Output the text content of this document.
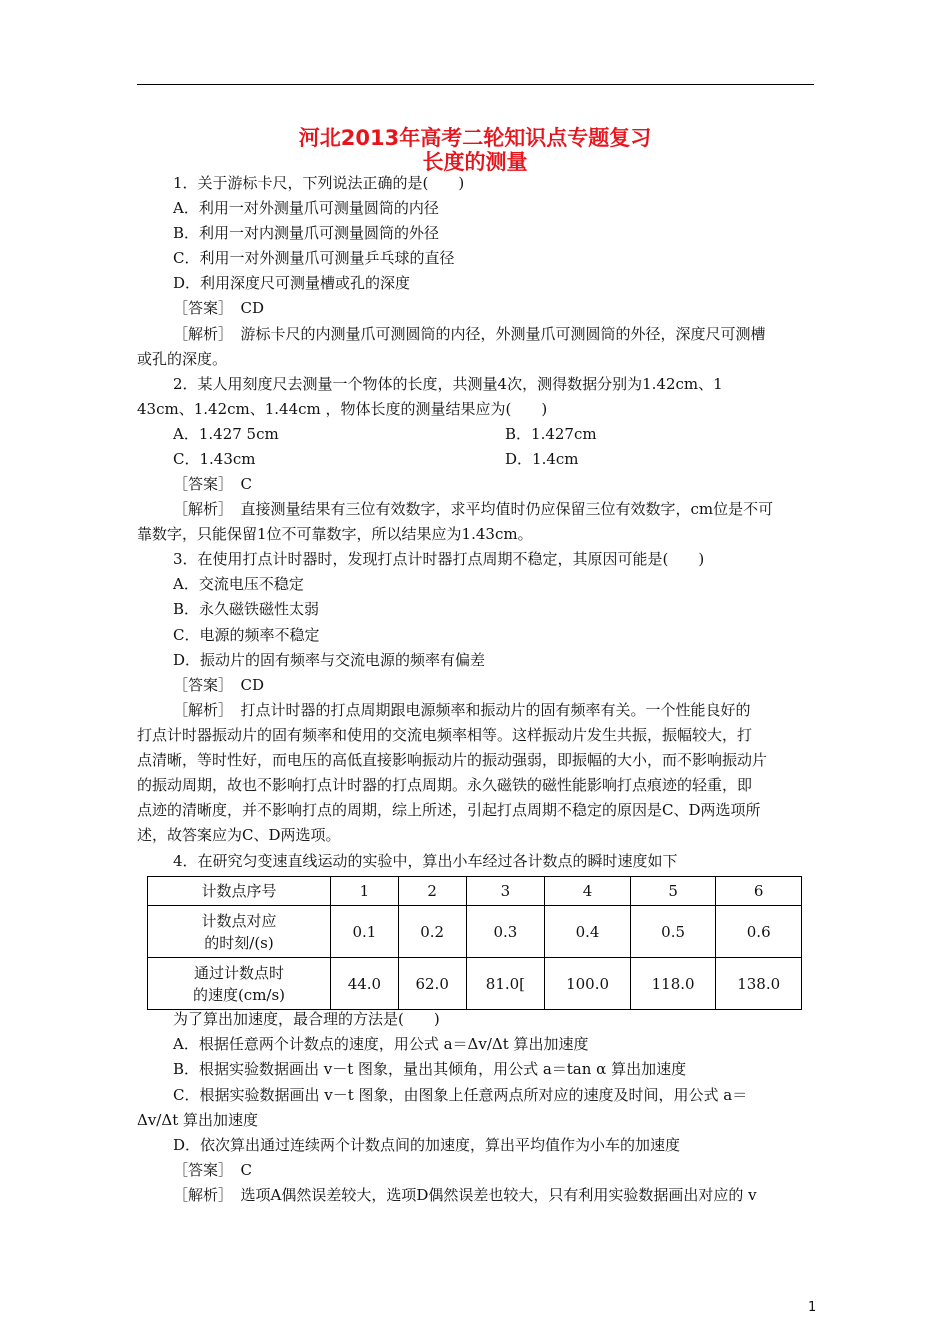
河北2013年高考二轮知识点专题复习
长度的测量
1．关于游标卡尺，下列说法正确的是(　　)
A．利用一对外测量爪可测量圆筒的内径
B．利用一对内测量爪可测量圆筒的外径
C．利用一对外测量爪可测量乒乓球的直径
D．利用深度尺可测量槽或孔的深度
［答案］　CD
［解析］　游标卡尺的内测量爪可测圆筒的内径，外测量爪可测圆筒的外径，深度尺可测槽
或孔的深度。
2．某人用刻度尺去测量一个物体的长度，共测量4次，测得数据分别为1.42cm、1
43cm、1.42cm、1.44cm ，物体长度的测量结果应为(　　)
A．1.427 5cm	B．1.427cm
C．1.43cm	D．1.4cm
［答案］　C
［解析］　直接测量结果有三位有效数字，求平均值时仍应保留三位有效数字，cm位是不可
靠数字，只能保留1位不可靠数字，所以结果应为1.43cm。
3．在使用打点计时器时，发现打点计时器打点周期不稳定，其原因可能是(　　)
A．交流电压不稳定
B．永久磁铁磁性太弱
C．电源的频率不稳定
D．振动片的固有频率与交流电源的频率有偏差
［答案］　CD
［解析］　打点计时器的打点周期跟电源频率和振动片的固有频率有关。一个性能良好的
打点计时器振动片的固有频率和使用的交流电频率相等。这样振动片发生共振，振幅较大，打
点清晰，等时性好，而电压的高低直接影响振动片的振动强弱，即振幅的大小，而不影响振动片
的振动周期，故也不影响打点计时器的打点周期。永久磁铁的磁性能影响打点痕迹的轻重，即
点迹的清晰度，并不影响打点的周期，综上所述，引起打点周期不稳定的原因是C、D两选项所
述，故答案应为C、D两选项。
4．在研究匀变速直线运动的实验中，算出小车经过各计数点的瞬时速度如下
计数点序号	1	2	3	4	5	6

计数点对应
的时刻/(s)	0.1	0.2	0.3	0.4	0.5	0.6

通过计数点时
的速度(cm/s)	44.0	62.0	81.0[	100.0	118.0	138.0
为了算出加速度，最合理的方法是(　　)
A．根据任意两个计数点的速度，用公式 a＝Δv/Δt 算出加速度
B．根据实验数据画出 v－t 图象，量出其倾角，用公式 a＝tan α 算出加速度
C．根据实验数据画出 v－t 图象，由图象上任意两点所对应的速度及时间，用公式 a＝
Δv/Δt 算出加速度
D．依次算出通过连续两个计数点间的加速度，算出平均值作为小车的加速度
［答案］　C
［解析］　选项A偶然误差较大，选项D偶然误差也较大，只有利用实验数据画出对应的 v
1
